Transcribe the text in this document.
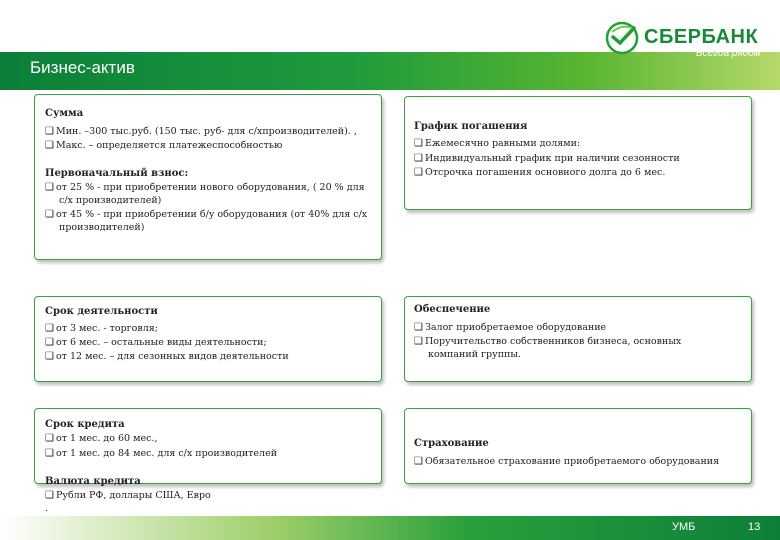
Бизнес-актив
СБЕРБАНК
Всегда рядом
Сумма
❑ Мин. –300 тыс.руб. (150 тыс. руб- для с/хпроизводителей). ,
❑ Макс. – определяется платежеспособностью
Первоначальный взнос:
❑ от 25 % - при приобретении нового оборудования, ( 20 % для
с/х производителей)
❑ от 45 % - при приобретении б/у оборудования (от 40% для с/х
производителей)
График погашения
❑ Ежемесячно равными долями:
❑ Индивидуальный график при наличии сезонности
❑ Отсрочка погашения основного долга до 6 мес.
Срок деятельности
❑ от 3 мес. - торговля;
❑ от 6 мес. – остальные виды деятельности;
❑ от 12 мес. – для сезонных видов деятельности
Обеспечение
❑ Залог приобретаемое оборудование
❑ Поручительство собственников бизнеса, основных
компаний группы.
Срок кредита
❑ от 1 мес. до 60 мес.,
❑ от 1 мес. до 84 мес. для с/х производителей
Валюта кредита
❑ Рубли РФ, доллары США, Евро
.
Страхование
❑ Обязательное страхование приобретаемого оборудования
УМБ	13
